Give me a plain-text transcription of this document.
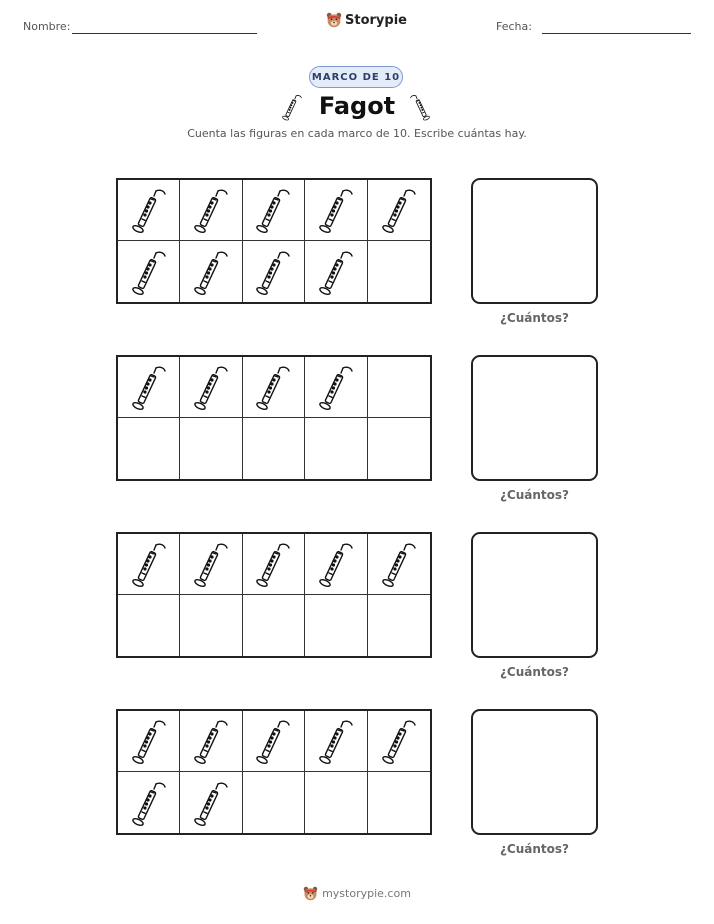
Nombre:	Storypie	Fecha:
MARCO DE 10
Fagot
Cuenta las figuras en cada marco de 10. Escribe cuántas hay.
¿Cuántos?
¿Cuántos?
¿Cuántos?
¿Cuántos?
mystorypie.com
